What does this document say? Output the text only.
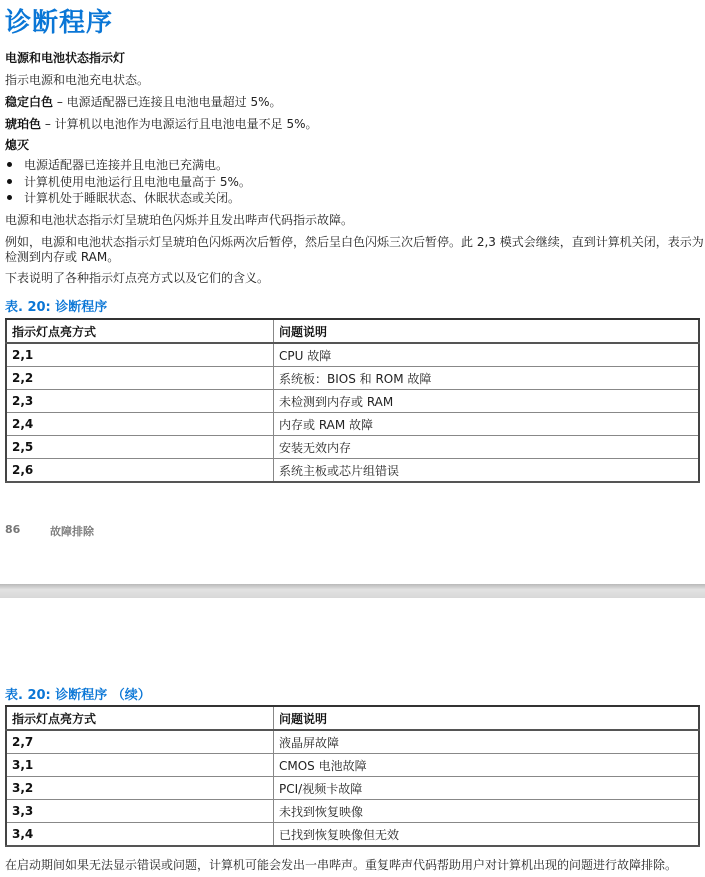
诊断程序
电源和电池状态指示灯
指示电源和电池充电状态。
稳定白色 – 电源适配器已连接且电池电量超过 5%。
琥珀色 – 计算机以电池作为电源运行且电池电量不足 5%。
熄灭
电源适配器已连接并且电池已充满电。
计算机使用电池运行且电池电量高于 5%。
计算机处于睡眠状态、休眠状态或关闭。
电源和电池状态指示灯呈琥珀色闪烁并且发出哔声代码指示故障。
例如，电源和电池状态指示灯呈琥珀色闪烁两次后暂停，然后呈白色闪烁三次后暂停。此 2,3 模式会继续，直到计算机关闭，表示为
检测到内存或 RAM。
下表说明了各种指示灯点亮方式以及它们的含义。
表. 20: 诊断程序
指示灯点亮方式	问题说明
2,1	CPU 故障
2,2	系统板：BIOS 和 ROM 故障
2,3	未检测到内存或 RAM
2,4	内存或 RAM 故障
2,5	安装无效内存
2,6	系统主板或芯片组错误
86	故障排除
表. 20: 诊断程序 （续）
指示灯点亮方式	问题说明
2,7	液晶屏故障
3,1	CMOS 电池故障
3,2	PCI/视频卡故障
3,3	未找到恢复映像
3,4	已找到恢复映像但无效
在启动期间如果无法显示错误或问题，计算机可能会发出一串哔声。重复哔声代码帮助用户对计算机出现的问题进行故障排除。
